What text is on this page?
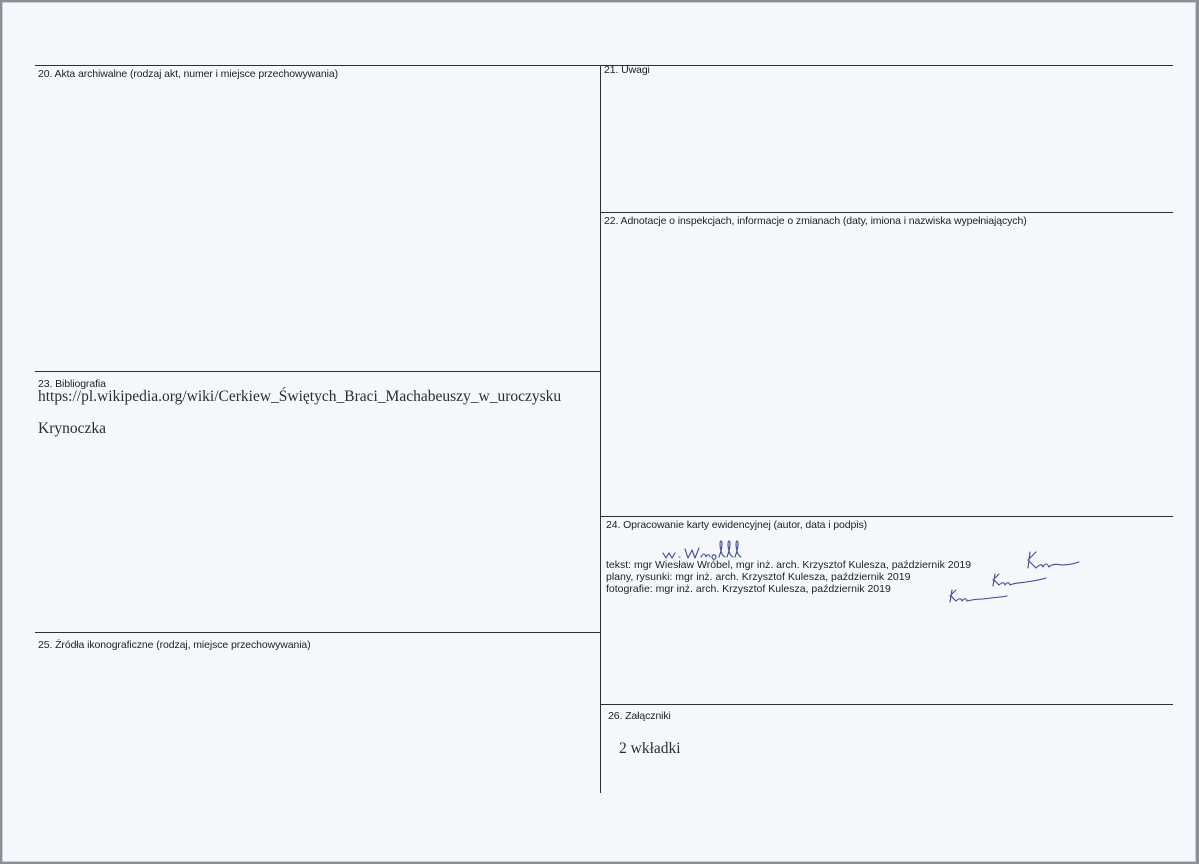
20. Akta archiwalne (rodzaj akt, numer i miejsce przechowywania)	21. Uwagi
22. Adnotacje o inspekcjach, informacje o zmianach (daty, imiona i nazwiska wypełniających)
23. Bibliografia
https://pl.wikipedia.org/wiki/Cerkiew_Świętych_Braci_Machabeuszy_w_uroczysku
Krynoczka
24. Opracowanie karty ewidencyjnej (autor, data i podpis)
tekst: mgr Wiesław Wróbel, mgr inż. arch. Krzysztof Kulesza, październik 2019
plany, rysunki: mgr inż. arch. Krzysztof Kulesza, październik 2019
fotografie: mgr inż. arch. Krzysztof Kulesza, październik 2019
25. Źródła ikonograficzne (rodzaj, miejsce przechowywania)
26. Załączniki
2 wkładki
